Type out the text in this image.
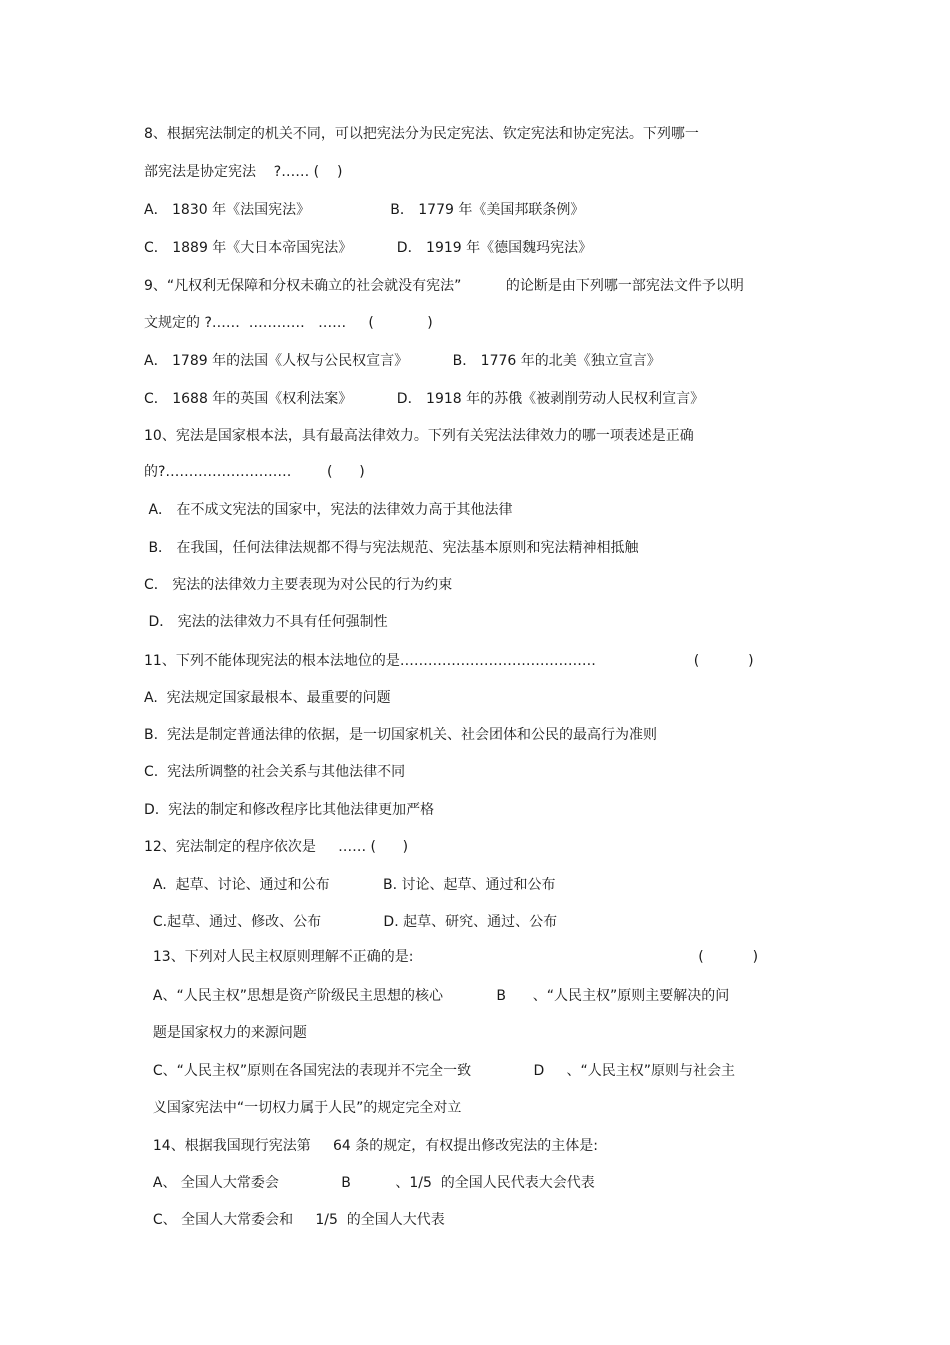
8、根据宪法制定的机关不同，可以把宪法分为民定宪法、钦定宪法和协定宪法。下列哪一
部宪法是协定宪法    ?…… (    )
A． 1830 年《法国宪法》                  B． 1779 年《美国邦联条例》
C． 1889 年《大日本帝国宪法》          D． 1919 年《德国魏玛宪法》
9、“凡权利无保障和分权未确立的社会就没有宪法”          的论断是由下列哪一部宪法文件予以明
文规定的 ?……  …………   ……     (            )
A． 1789 年的法国《人权与公民权宣言》          B． 1776 年的北美《独立宣言》
C． 1688 年的英国《权利法案》          D． 1918 年的苏俄《被剥削劳动人民权利宣言》
10、宪法是国家根本法，具有最高法律效力。下列有关宪法法律效力的哪一项表述是正确
的?………………………        (      )
A． 在不成文宪法的国家中，宪法的法律效力高于其他法律
B． 在我国，任何法律法规都不得与宪法规范、宪法基本原则和宪法精神相抵触
C． 宪法的法律效力主要表现为对公民的行为约束
D． 宪法的法律效力不具有任何强制性
11、下列不能体现宪法的根本法地位的是……………………………………                      (           )
A.  宪法规定国家最根本、最重要的问题
B.  宪法是制定普通法律的依据，是一切国家机关、社会团体和公民的最高行为准则
C.  宪法所调整的社会关系与其他法律不同
D.  宪法的制定和修改程序比其他法律更加严格
12、宪法制定的程序依次是     …… (      )
A.  起草、讨论、通过和公布            B. 讨论、起草、通过和公布
C.起草、通过、修改、公布              D. 起草、研究、通过、公布
13、下列对人民主权原则理解不正确的是:                                                                (           )
A、“人民主权”思想是资产阶级民主思想的核心            B      、“人民主权”原则主要解决的问
题是国家权力的来源问题
C、“人民主权”原则在各国宪法的表现并不完全一致              D     、“人民主权”原则与社会主
义国家宪法中“一切权力属于人民”的规定完全对立
14、根据我国现行宪法第     64 条的规定，有权提出修改宪法的主体是:
A、 全国人大常委会              B          、1/5  的全国人民代表大会代表
C、 全国人大常委会和     1/5  的全国人大代表
